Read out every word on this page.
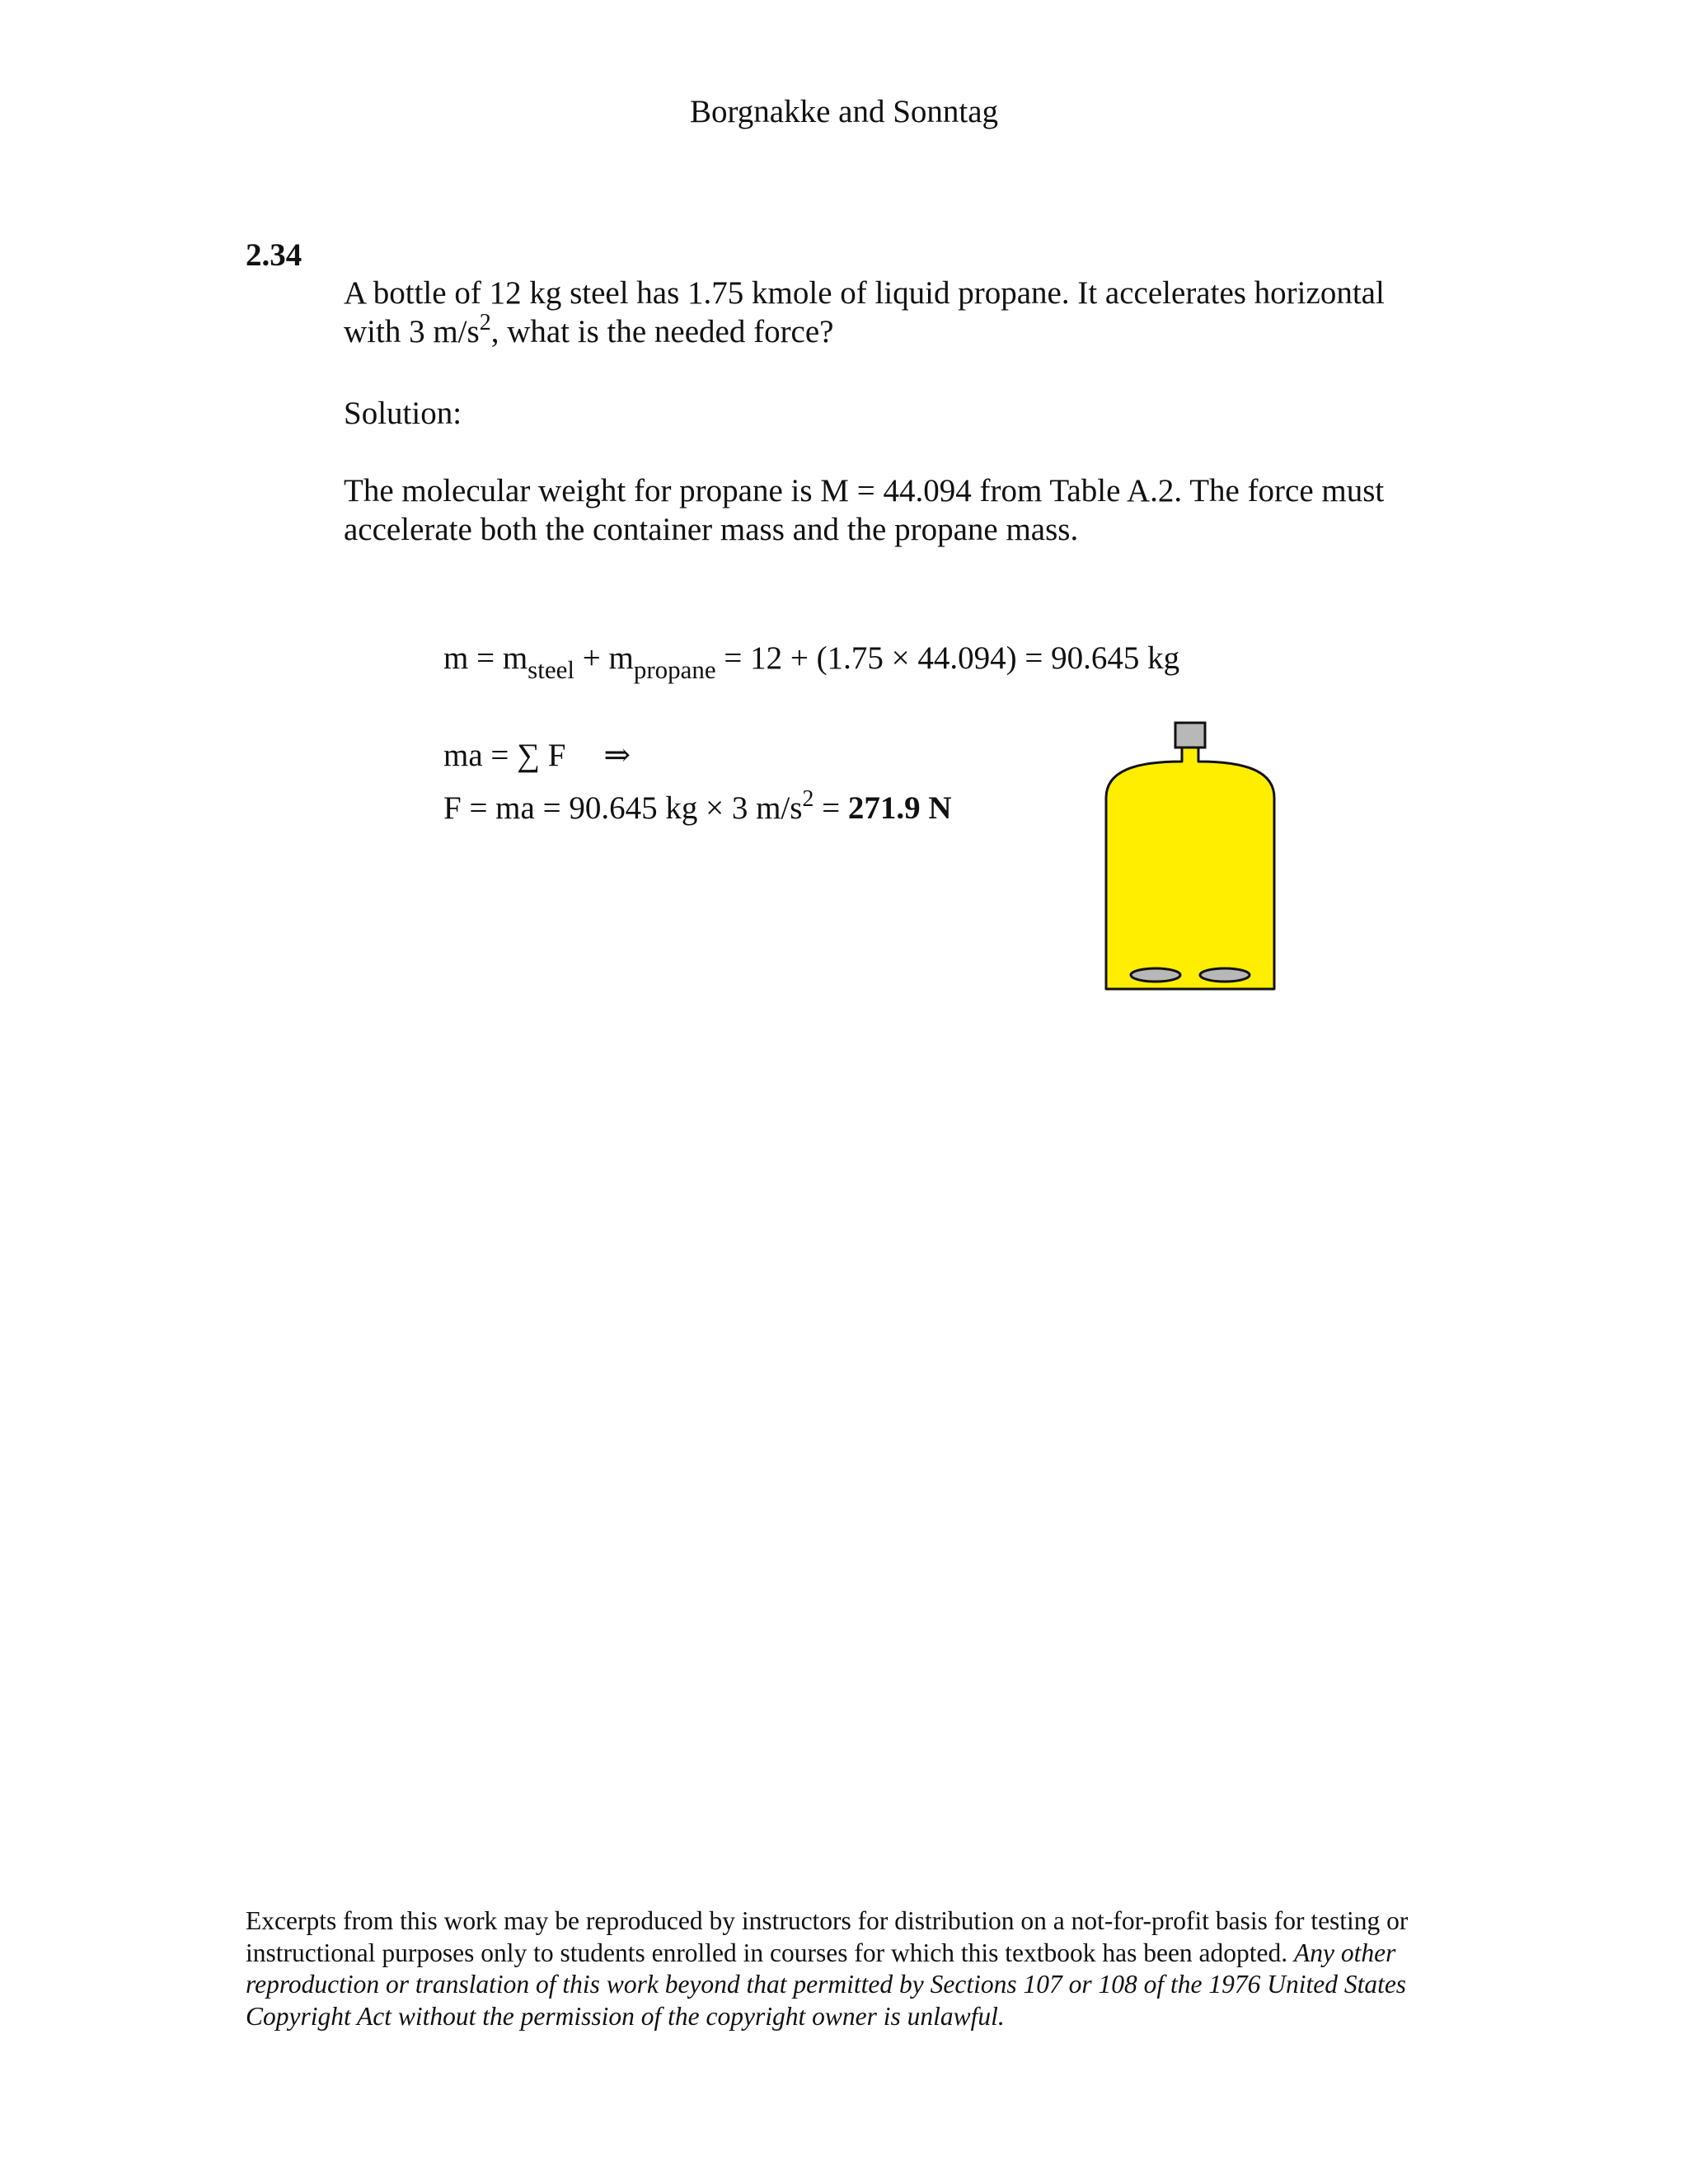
Borgnakke and Sonntag
2.34
A bottle of 12 kg steel has 1.75 kmole of liquid propane. It accelerates horizontal
with 3 $m/s^2$, what is the needed force?
Solution:
The molecular weight for propane is M = 44.094 from Table A.2. The force must accelerate both the container mass and the propane mass.
$m = m_{steel} + m_{propane} = 12 + (1.75 \times 44.094) = 90.645$ kg
ma = ∑ F ⇒
F = ma = 90.645 kg × 3 $m/s^2 = 271.9$ N
Excerpts from this work may be reproduced by instructors for distribution on a not-for-profit basis for testing or instructional purposes only to students enrolled in courses for which this textbook has been adopted. Any other reproduction or translation of this work beyond that permitted by Sections 107 or 108 of the 1976 United States Copyright Act without the permission of the copyright owner is unlawful.
